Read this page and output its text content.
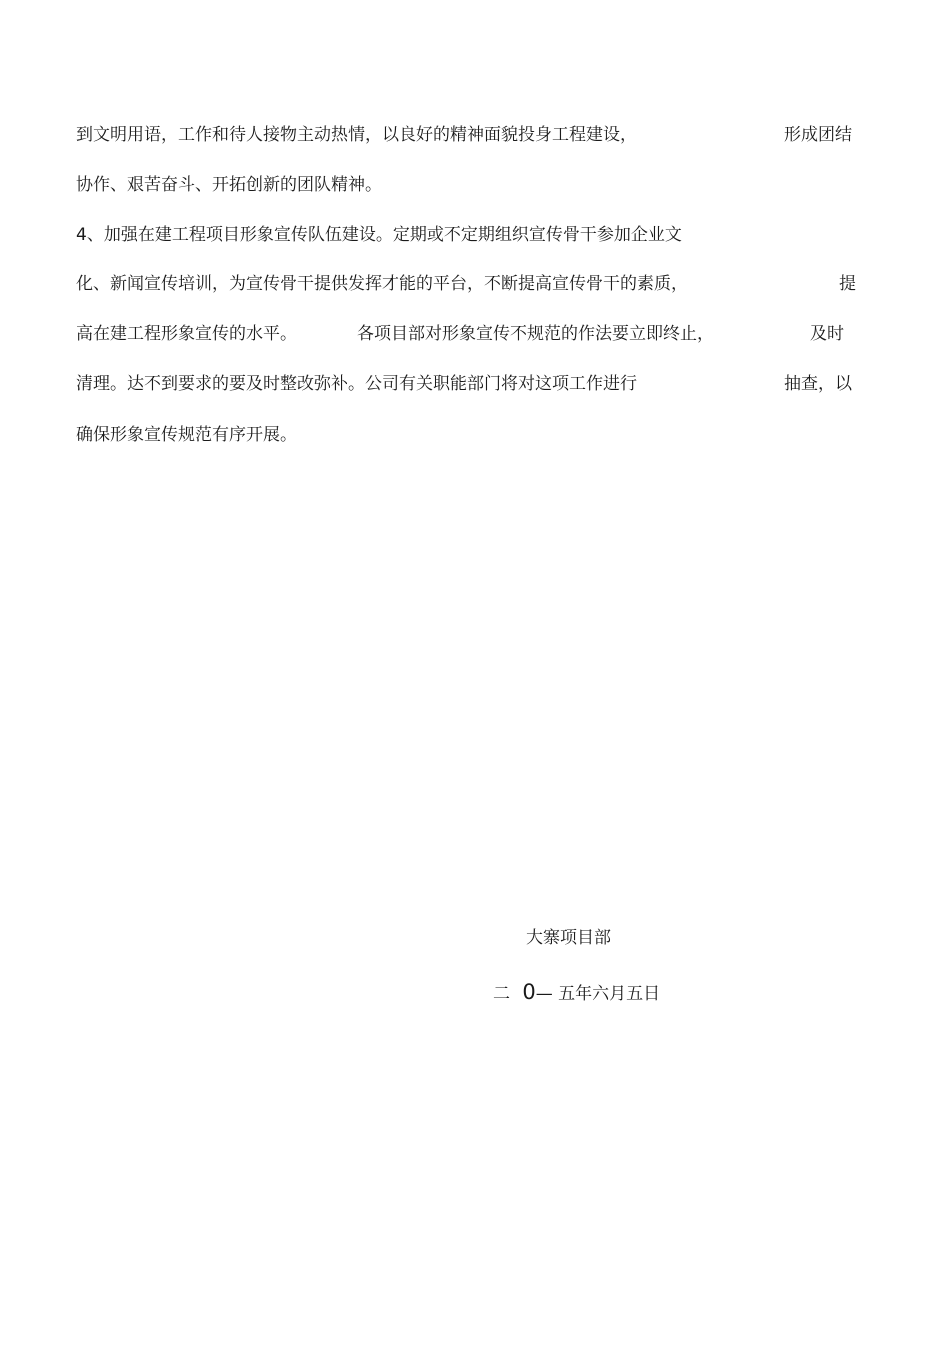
到文明用语，工作和待人接物主动热情，以良好的精神面貌投身工程建设，	形成团结
协作、艰苦奋斗、开拓创新的团队精神。
4、加强在建工程项目形象宣传队伍建设。定期或不定期组织宣传骨干参加企业文
化、新闻宣传培训，为宣传骨干提供发挥才能的平台，不断提高宣传骨干的素质，	提
高在建工程形象宣传的水平。	各项目部对形象宣传不规范的作法要立即终止，	及时
清理。达不到要求的要及时整改弥补。公司有关职能部门将对这项工作进行	抽查，以
确保形象宣传规范有序开展。
大寨项目部
二 0— 五年六月五日
